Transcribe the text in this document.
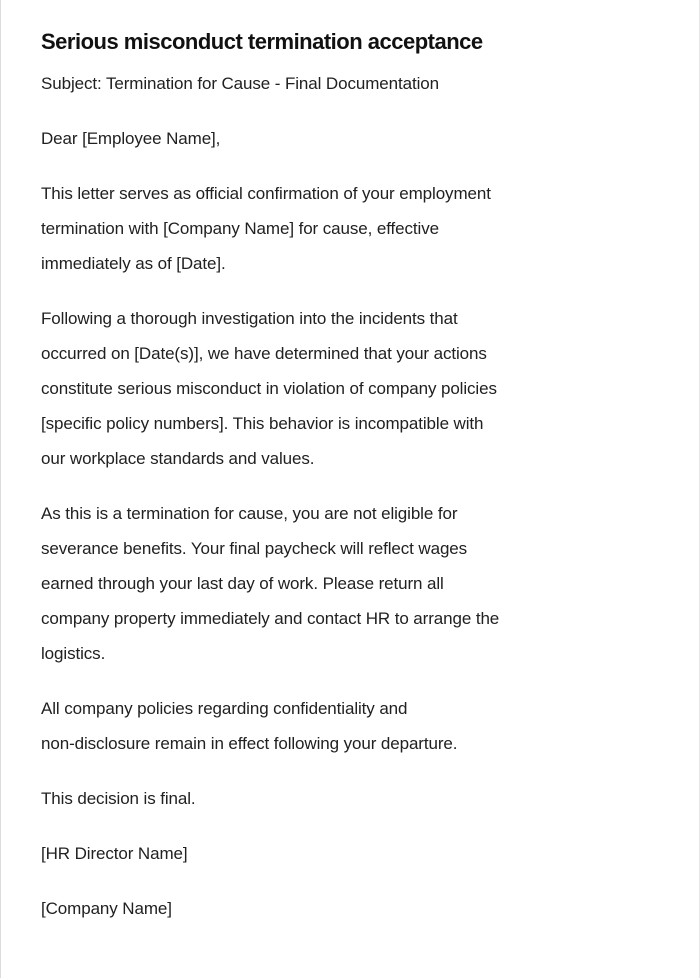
Serious misconduct termination acceptance

Subject: Termination for Cause - Final Documentation

Dear [Employee Name],

This letter serves as official confirmation of your employment
termination with [Company Name] for cause, effective
immediately as of [Date].

Following a thorough investigation into the incidents that
occurred on [Date(s)], we have determined that your actions
constitute serious misconduct in violation of company policies
[specific policy numbers]. This behavior is incompatible with
our workplace standards and values.

As this is a termination for cause, you are not eligible for
severance benefits. Your final paycheck will reflect wages
earned through your last day of work. Please return all
company property immediately and contact HR to arrange the
logistics.

All company policies regarding confidentiality and
non-disclosure remain in effect following your departure.

This decision is final.

[HR Director Name]

[Company Name]
